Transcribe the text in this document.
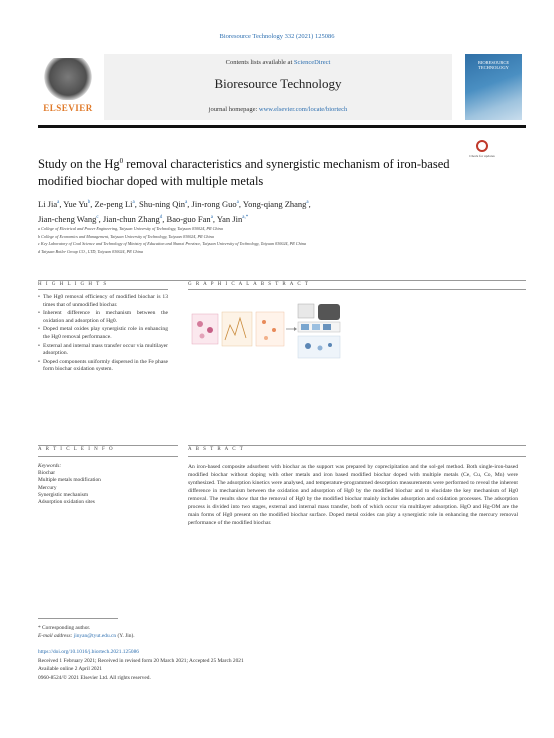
Bioresource Technology 332 (2021) 125086
ELSEVIER
Contents lists available at ScienceDirect
Bioresource Technology
journal homepage: www.elsevier.com/locate/biortech
BIORESOURCE TECHNOLOGY
Check for updates
Study on the Hg$^0$ removal characteristics and synergistic mechanism of iron-based modified biochar doped with multiple metals
Li Jia$^a$, Yue Yu$^b$, Ze-peng Li$^a$, Shu-ning Qin$^a$, Jin-rong Guo$^a$, Yong-qiang Zhang$^a$,
Jian-cheng Wang$^c$, Jian-chun Zhang$^d$, Bao-guo Fan$^a$, Yan Jin$^{a,*}$
a College of Electrical and Power Engineering, Taiyuan University of Technology, Taiyuan 030024, PR China
b College of Economics and Management, Taiyuan University of Technology, Taiyuan 030024, PR China
c Key Laboratory of Coal Science and Technology of Ministry of Education and Shanxi Province, Taiyuan University of Technology, Taiyuan 030024, PR China
d Taiyuan Boiler Group CO., LTD, Taiyuan 030024, PR China
H I G H L I G H T S	G R A P H I C A L A B S T R A C T
• The Hg0 removal efficiency of modified biochar is 13 times that of unmodified biochar.
• Inherent difference in mechanism between the oxidation and adsorption of Hg0.
• Doped metal oxides play synergistic role in enhancing the Hg0 removal performance.
• External and internal mass transfer occur via multilayer adsorption.
• Doped components uniformly dispersed in the Fe phase form biochar oxidation system.
A R T I C L E I N F O	A B S T R A C T
Keywords:
Biochar
Multiple metals modification
Mercury
Synergistic mechanism
Adsorption oxidation sites
An iron-based composite adsorbent with biochar as the support was prepared by coprecipitation and the sol-gel method. Both single-iron-based modified biochar without doping with other metals and iron based modified biochar doped with multiple metals (Ce, Cu, Co, Mn) were synthesized. The adsorption kinetics were analysed, and temperature-programmed desorption measurements were performed to reveal the inherent difference in mechanism between the oxidation and adsorption of Hg0 by the modified biochar and to elucidate the key mechanism of Hg0 removal. The results show that the removal of Hg0 by the modified biochar mainly includes adsorption and oxidation processes. The adsorption process is divided into two stages, external and internal mass transfer, both of which occur via multilayer adsorption. HgO and Hg-OM are the main forms of Hg0 present on the modified biochar surface. Doped metal oxides can play a synergistic role in enhancing the mercury removal performance of the modified biochar.
* Corresponding author.
E-mail address: jinyan@tyut.edu.cn (Y. Jin).
https://doi.org/10.1016/j.biortech.2021.125086
Received 1 February 2021; Received in revised form 20 March 2021; Accepted 25 March 2021
Available online 2 April 2021
0960-8524/© 2021 Elsevier Ltd. All rights reserved.
